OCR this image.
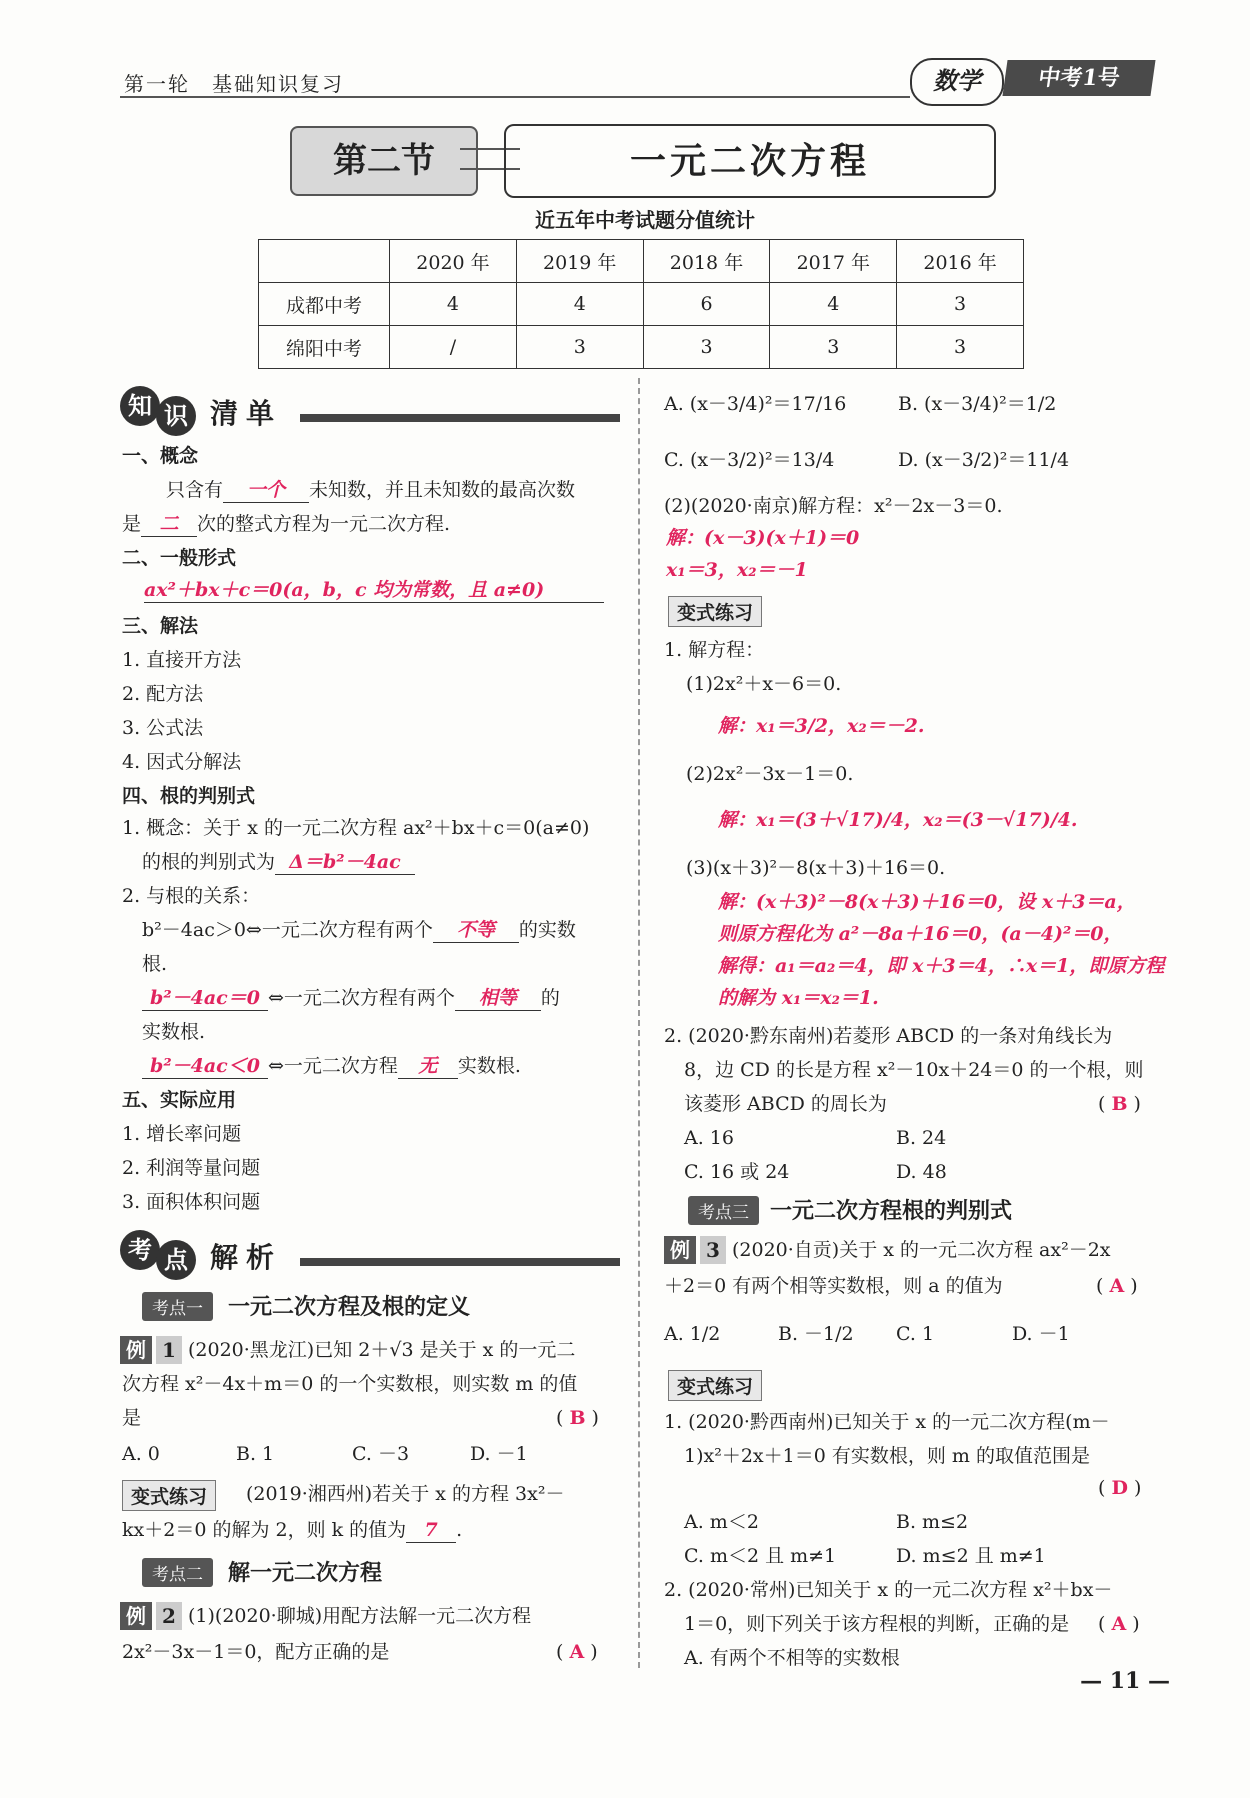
第一轮　基础知识复习	数学	中考1号
第二节	一元二次方程
近五年中考试题分值统计
	2020 年	2019 年	2018 年	2017 年	2016 年
成都中考	4	4	6	4	3
绵阳中考	/	3	3	3	3
知 识 清单
一、概念
只含有 一个 未知数，并且未知数的最高次数
是 二 次的整式方程为一元二次方程.
二、一般形式
ax²＋bx＋c＝0(a，b，c 均为常数，且 a≠0)
三、解法
1. 直接开方法
2. 配方法
3. 公式法
4. 因式分解法
四、根的判别式
1. 概念：关于 x 的一元二次方程 ax²＋bx＋c＝0(a≠0)
的根的判别式为 Δ＝b²－4ac
2. 与根的关系：
b²－4ac＞0⇔一元二次方程有两个 不等 的实数
根.
b²－4ac＝0 ⇔一元二次方程有两个 相等 的
实数根.
b²－4ac＜0 ⇔一元二次方程 无 实数根.
五、实际应用
1. 增长率问题
2. 利润等量问题
3. 面积体积问题
考 点 解析
考点一	一元二次方程及根的定义
例 1 (2020·黑龙江)已知 2＋√3 是关于 x 的一元二
次方程 x²－4x＋m＝0 的一个实数根，则实数 m 的值
是	( B )
A. 0	B. 1	C. －3	D. －1
变式练习	(2019·湘西州)若关于 x 的方程 3x²－
kx＋2＝0 的解为 2，则 k 的值为 7 .
考点二	解一元二次方程
例 2 (1)(2020·聊城)用配方法解一元二次方程
2x²－3x－1＝0，配方正确的是	( A )
A. (x－3/4)²＝17/16	B. (x－3/4)²＝1/2
C. (x－3/2)²＝13/4	D. (x－3/2)²＝11/4
(2)(2020·南京)解方程：x²－2x－3＝0.
解：(x－3)(x＋1)＝0
x₁＝3，x₂＝－1
变式练习
1. 解方程：
(1)2x²＋x－6＝0.
解：x₁＝3/2，x₂＝－2.
(2)2x²－3x－1＝0.
解：x₁＝(3＋√17)/4，x₂＝(3－√17)/4.
(3)(x＋3)²－8(x＋3)＋16＝0.
解：(x＋3)²－8(x＋3)＋16＝0，设 x＋3＝a，
则原方程化为 a²－8a＋16＝0，(a－4)²＝0，
解得：a₁＝a₂＝4，即 x＋3＝4，∴x＝1，即原方程
的解为 x₁＝x₂＝1.
2. (2020·黔东南州)若菱形 ABCD 的一条对角线长为
8，边 CD 的长是方程 x²－10x＋24＝0 的一个根，则
该菱形 ABCD 的周长为	( B )
A. 16	B. 24
C. 16 或 24	D. 48
考点三 一元二次方程根的判别式
例 3 (2020·自贡)关于 x 的一元二次方程 ax²－2x
＋2＝0 有两个相等实数根，则 a 的值为	( A )
A. 1/2	B. －1/2 C. 1	D. －1
变式练习
1. (2020·黔西南州)已知关于 x 的一元二次方程(m－
1)x²＋2x＋1＝0 有实数根，则 m 的取值范围是
( D )
A. m＜2	B. m≤2
C. m＜2 且 m≠1	D. m≤2 且 m≠1
2. (2020·常州)已知关于 x 的一元二次方程 x²＋bx－
1＝0，则下列关于该方程根的判断，正确的是 ( A )
A. 有两个不相等的实数根
— 11 —
